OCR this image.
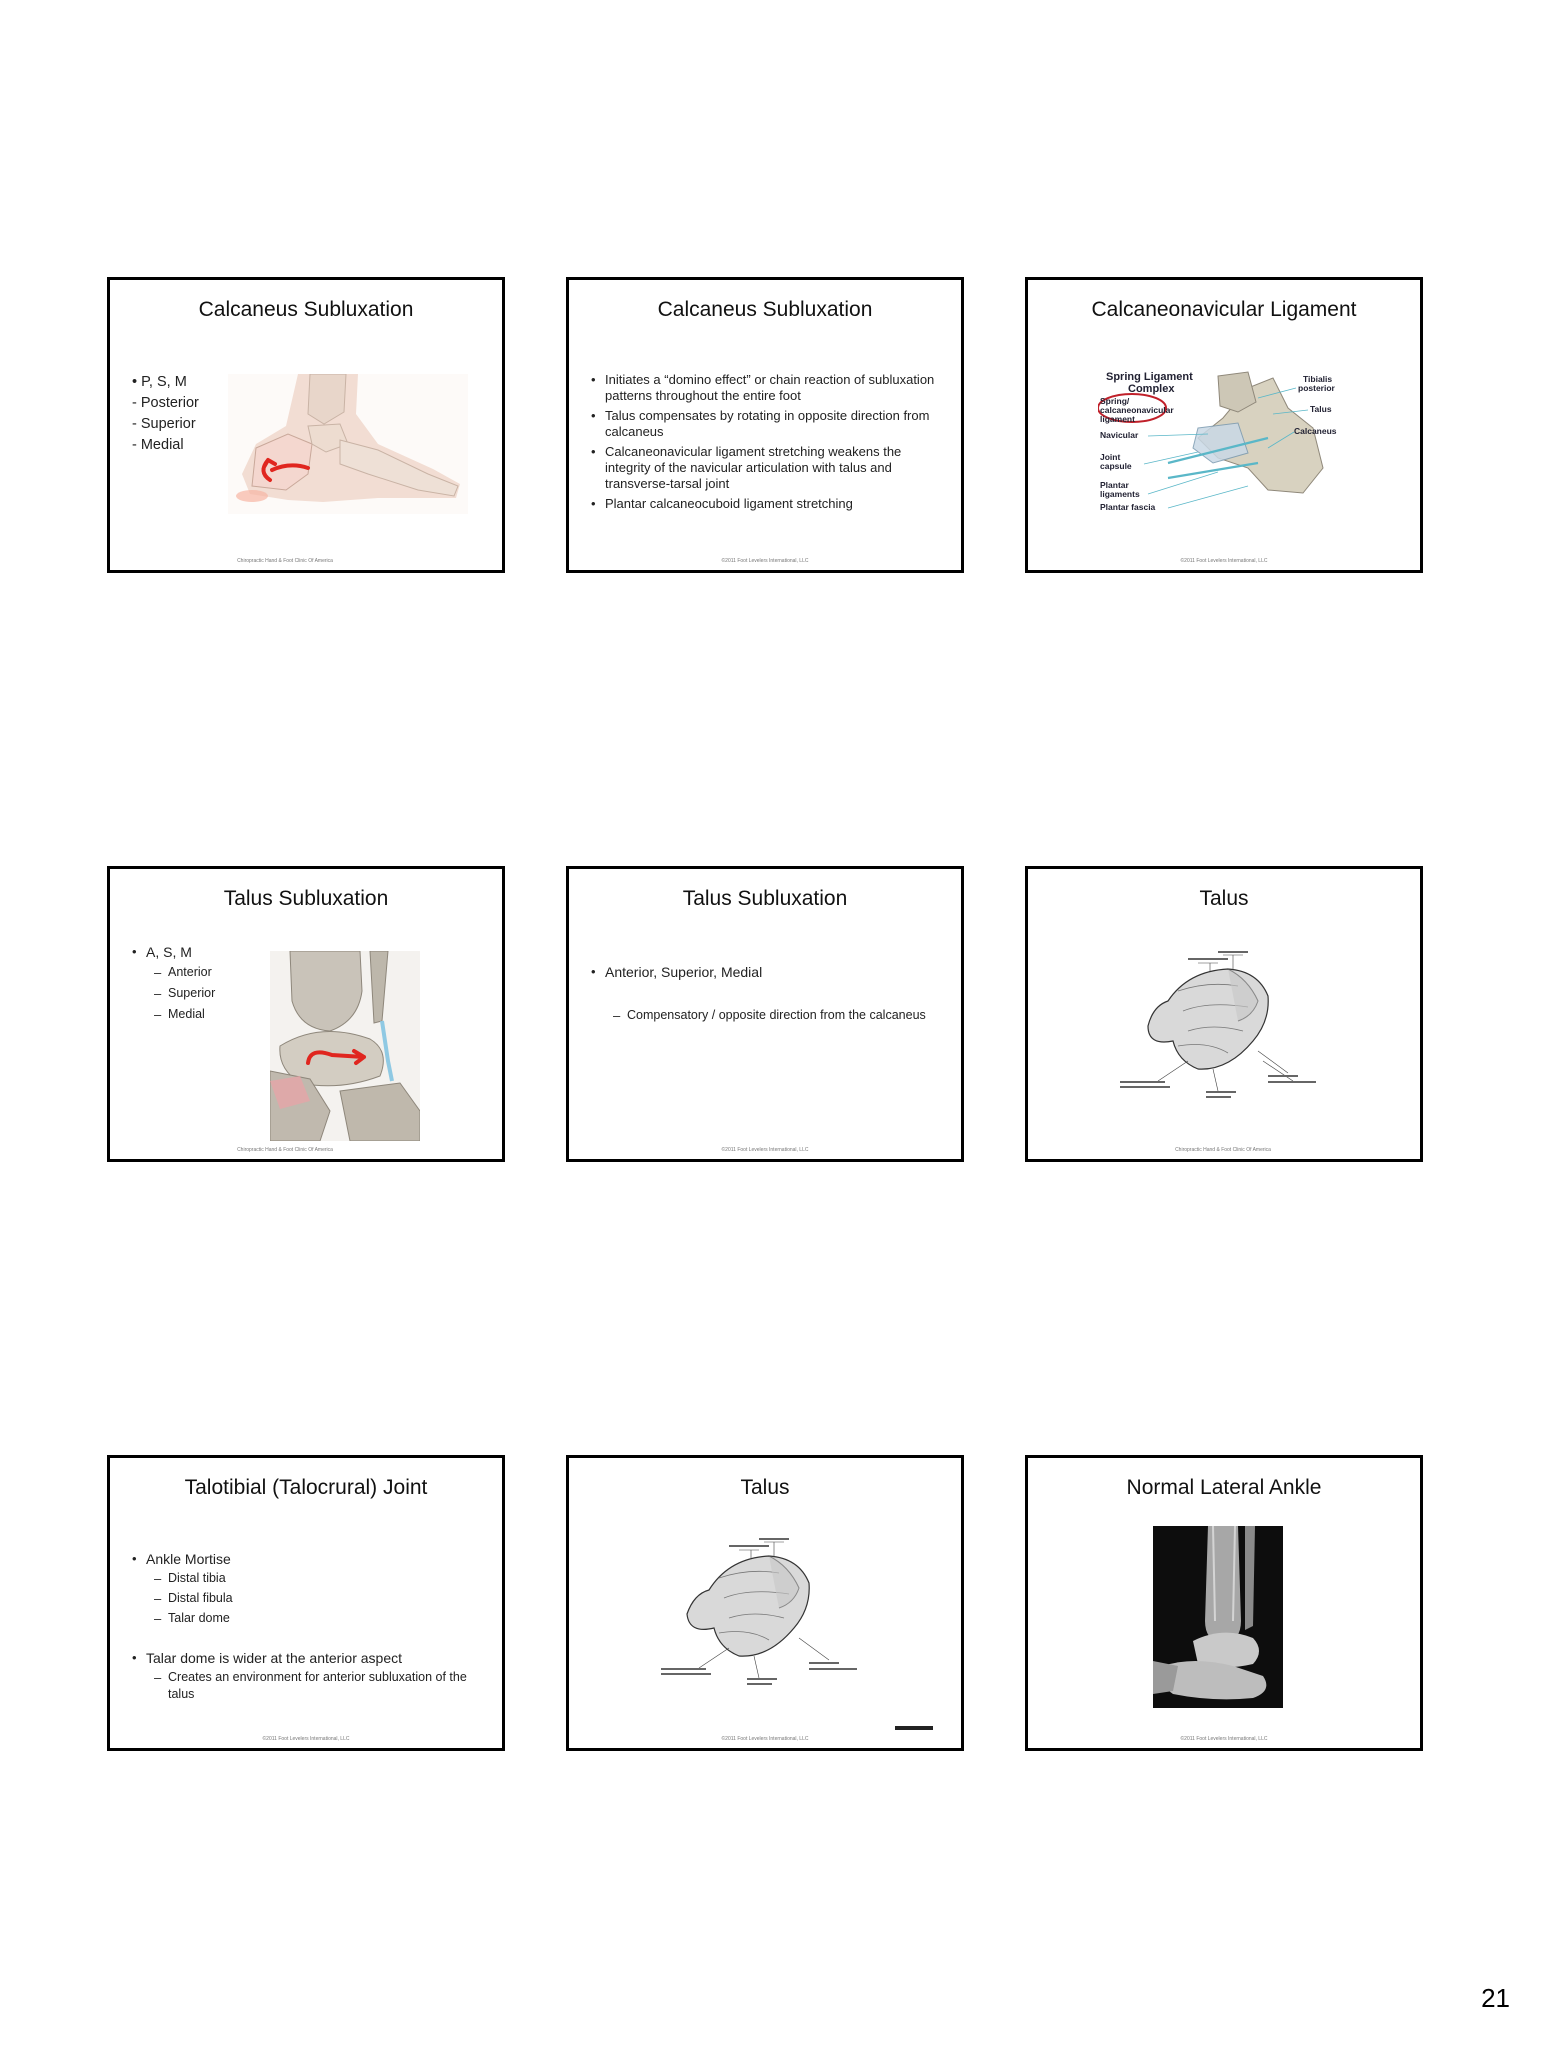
Calcaneus Subluxation
• P, S, M
- Posterior
- Superior
- Medial
Chiropractic Hand & Foot Clinic Of America
Calcaneus Subluxation
• Initiates a “domino effect” or chain reaction of subluxation patterns throughout the entire foot
• Talus compensates by rotating in opposite direction from calcaneus
• Calcaneonavicular ligament stretching weakens the integrity of the navicular articulation with talus and transverse-tarsal joint
• Plantar calcaneocuboid ligament stretching
©2011 Foot Levelers International, LLC
Calcaneonavicular Ligament
Spring Ligament
Complex
Spring/
calcaneonavicular
ligament
Navicular
Joint
capsule
Plantar
ligaments
Plantar fascia
Tibialis
posterior
Talus
Calcaneus
©2011 Foot Levelers International, LLC
Talus Subluxation
• A, S, M
– Anterior
– Superior
– Medial
Chiropractic Hand & Foot Clinic Of America
Talus Subluxation
• Anterior, Superior, Medial
– Compensatory / opposite direction from the calcaneus
©2011 Foot Levelers International, LLC
Talus
Chiropractic Hand & Foot Clinic Of America
Talotibial (Talocrural) Joint
• Ankle Mortise
– Distal tibia
– Distal fibula
– Talar dome
• Talar dome is wider at the anterior aspect
– Creates an environment for anterior subluxation of the talus
©2011 Foot Levelers International, LLC
Talus
©2011 Foot Levelers International, LLC
Normal Lateral Ankle
©2011 Foot Levelers International, LLC
21
